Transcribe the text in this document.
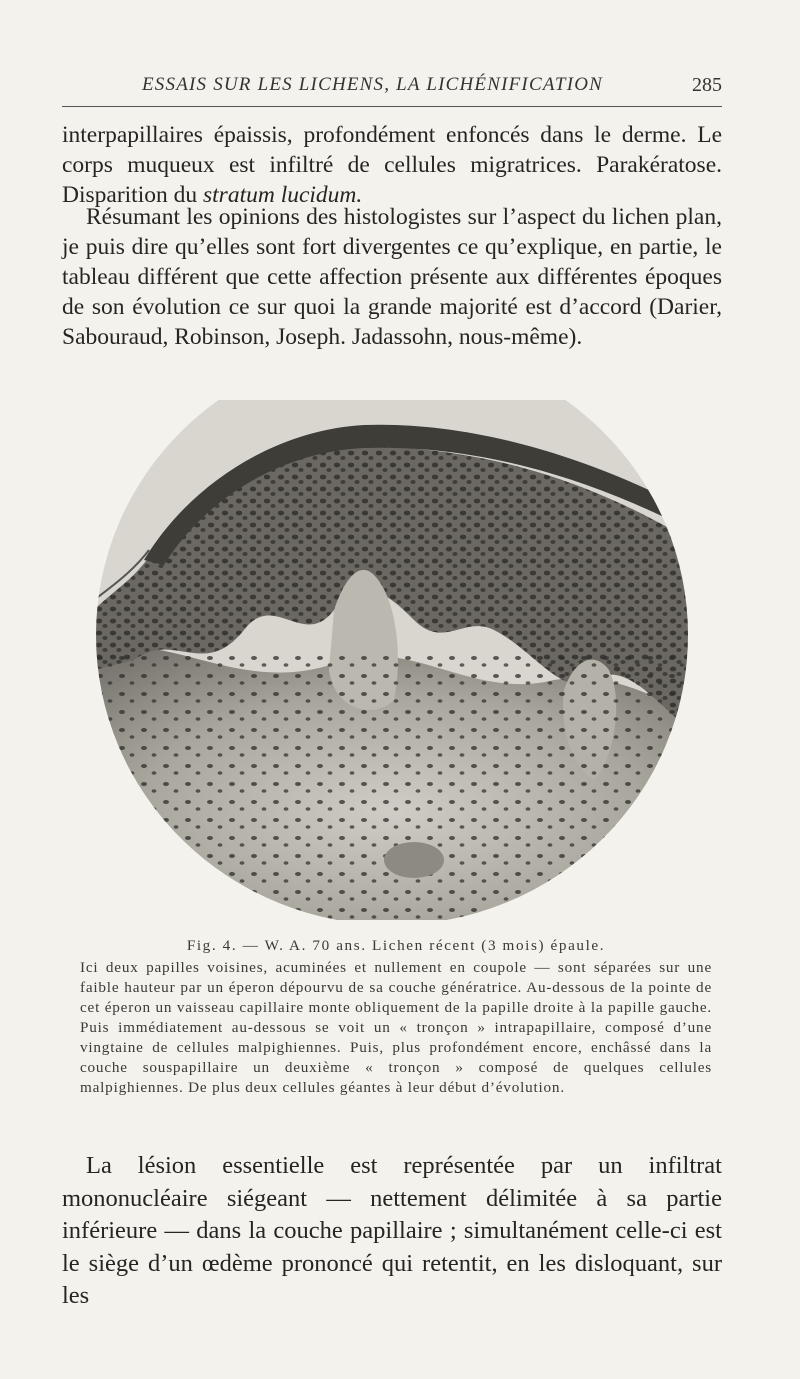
ESSAIS SUR LES LICHENS, LA LICHÉNIFICATION	285

interpapillaires épaissis, profondément enfoncés dans le derme. Le corps muqueux est infiltré de cellules migratrices. Parakératose. Disparition du stratum lucidum.

Résumant les opinions des histologistes sur l’aspect du lichen plan, je puis dire qu’elles sont fort divergentes ce qu’explique, en partie, le tableau différent que cette affection présente aux différentes époques de son évolution ce sur quoi la grande majorité est d’accord (Darier, Sabouraud, Robinson, Joseph. Jadassohn, nous-même).

Fig. 4. — W. A. 70 ans. Lichen récent (3 mois) épaule.

Ici deux papilles voisines, acuminées et nullement en coupole — sont séparées sur une faible hauteur par un éperon dépourvu de sa couche génératrice. Au-dessous de la pointe de cet éperon un vaisseau capillaire monte obliquement de la papille droite à la papille gauche. Puis immédiatement au-dessous se voit un « tronçon » intrapapillaire, composé d’une vingtaine de cellules malpighiennes. Puis, plus profondément encore, enchâssé dans la couche souspapillaire un deuxième « tronçon » composé de quelques cellules malpighiennes. De plus deux cellules géantes à leur début d’évolution.

La lésion essentielle est représentée par un infiltrat mononucléaire siégeant — nettement délimitée à sa partie inférieure — dans la couche papillaire ; simultanément celle-ci est le siège d’un œdème prononcé qui retentit, en les disloquant, sur les
